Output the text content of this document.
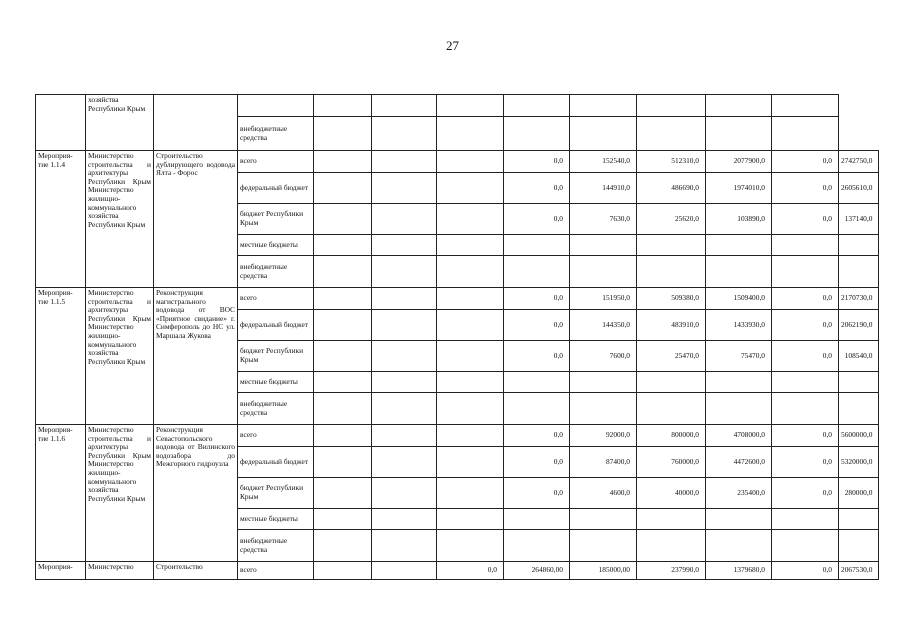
27
	хозяйства Республики Крым											
			внебюджетные средства									
Мероприя- тие 1.1.4	Министерство строительства и архитектуры Республики Крым Министерство жилищно- коммунального хозяйства Республики Крым	Строительство дублирующего водовода Ялта - Форос	всего				0,0	152540,0	512310,0	2077900,0	0,0	2742750,0
			федеральный бюджет				0,0	144910,0	486690,0	1974010,0	0,0	2605610,0
			бюджет Республики Крым				0,0	7630,0	25620,0	103890,0	0,0	137140,0
			местные бюджеты									
			внебюджетные средства									
Мероприя- тие 1.1.5	Министерство строительства и архитектуры Республики Крым Министерство жилищно- коммунального хозяйства Республики Крым	Реконструкция магистрального водовода от ВОС «Приятное свидание» г. Симферополь до НС ул. Маршала Жукова	всего				0,0	151950,0	509380,0	1509400,0	0,0	2170730,0
			федеральный бюджет				0,0	144350,0	483910,0	1433930,0	0,0	2062190,0
			бюджет Республики Крым				0,0	7600,0	25470,0	75470,0	0,0	108540,0
			местные бюджеты									
			внебюджетные средства									
Мероприя- тие 1.1.6	Министерство строительства и архитектуры Республики Крым Министерство жилищно- коммунального хозяйства Республики Крым	Реконструкция Севастопольского водовода от Вилинского водозабора до Межгорного гидроузла	всего				0,0	92000,0	800000,0	4708000,0	0,0	5600000,0
			федеральный бюджет				0,0	87400,0	760000,0	4472600,0	0,0	5320000,0
			бюджет Республики Крым				0,0	4600,0	40000,0	235400,0	0,0	280000,0
			местные бюджеты									
			внебюджетные средства									
Мероприя-	Министерство	Строительство	всего			0,0	264860,00	185000,00	237990,0	1379680,0	0,0	2067530,0
